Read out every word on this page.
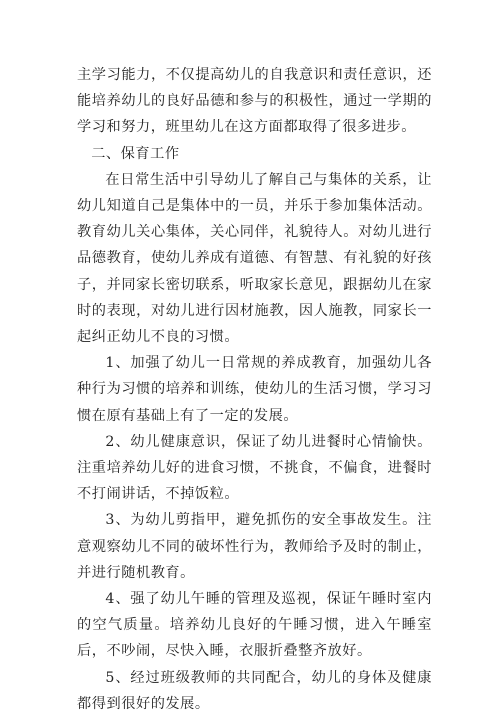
主学习能力，不仅提高幼儿的自我意识和责任意识，还能培养幼儿的良好品德和参与的积极性，通过一学期的学习和努力，班里幼儿在这方面都取得了很多进步。

二、保育工作

在日常生活中引导幼儿了解自己与集体的关系，让幼儿知道自己是集体中的一员，并乐于参加集体活动。教育幼儿关心集体，关心同伴，礼貌待人。对幼儿进行品德教育，使幼儿养成有道德、有智慧、有礼貌的好孩子，并同家长密切联系，听取家长意见，跟据幼儿在家时的表现，对幼儿进行因材施教，因人施教，同家长一起纠正幼儿不良的习惯。

1、加强了幼儿一日常规的养成教育，加强幼儿各种行为习惯的培养和训练，使幼儿的生活习惯，学习习惯在原有基础上有了一定的发展。

2、幼儿健康意识，保证了幼儿进餐时心情愉快。注重培养幼儿好的进食习惯，不挑食，不偏食，进餐时不打闹讲话，不掉饭粒。

3、为幼儿剪指甲，避免抓伤的安全事故发生。注意观察幼儿不同的破坏性行为，教师给予及时的制止，并进行随机教育。

4、强了幼儿午睡的管理及巡视，保证午睡时室内的空气质量。培养幼儿良好的午睡习惯，进入午睡室后，不吵闹，尽快入睡，衣服折叠整齐放好。

5、经过班级教师的共同配合，幼儿的身体及健康都得到很好的发展。
